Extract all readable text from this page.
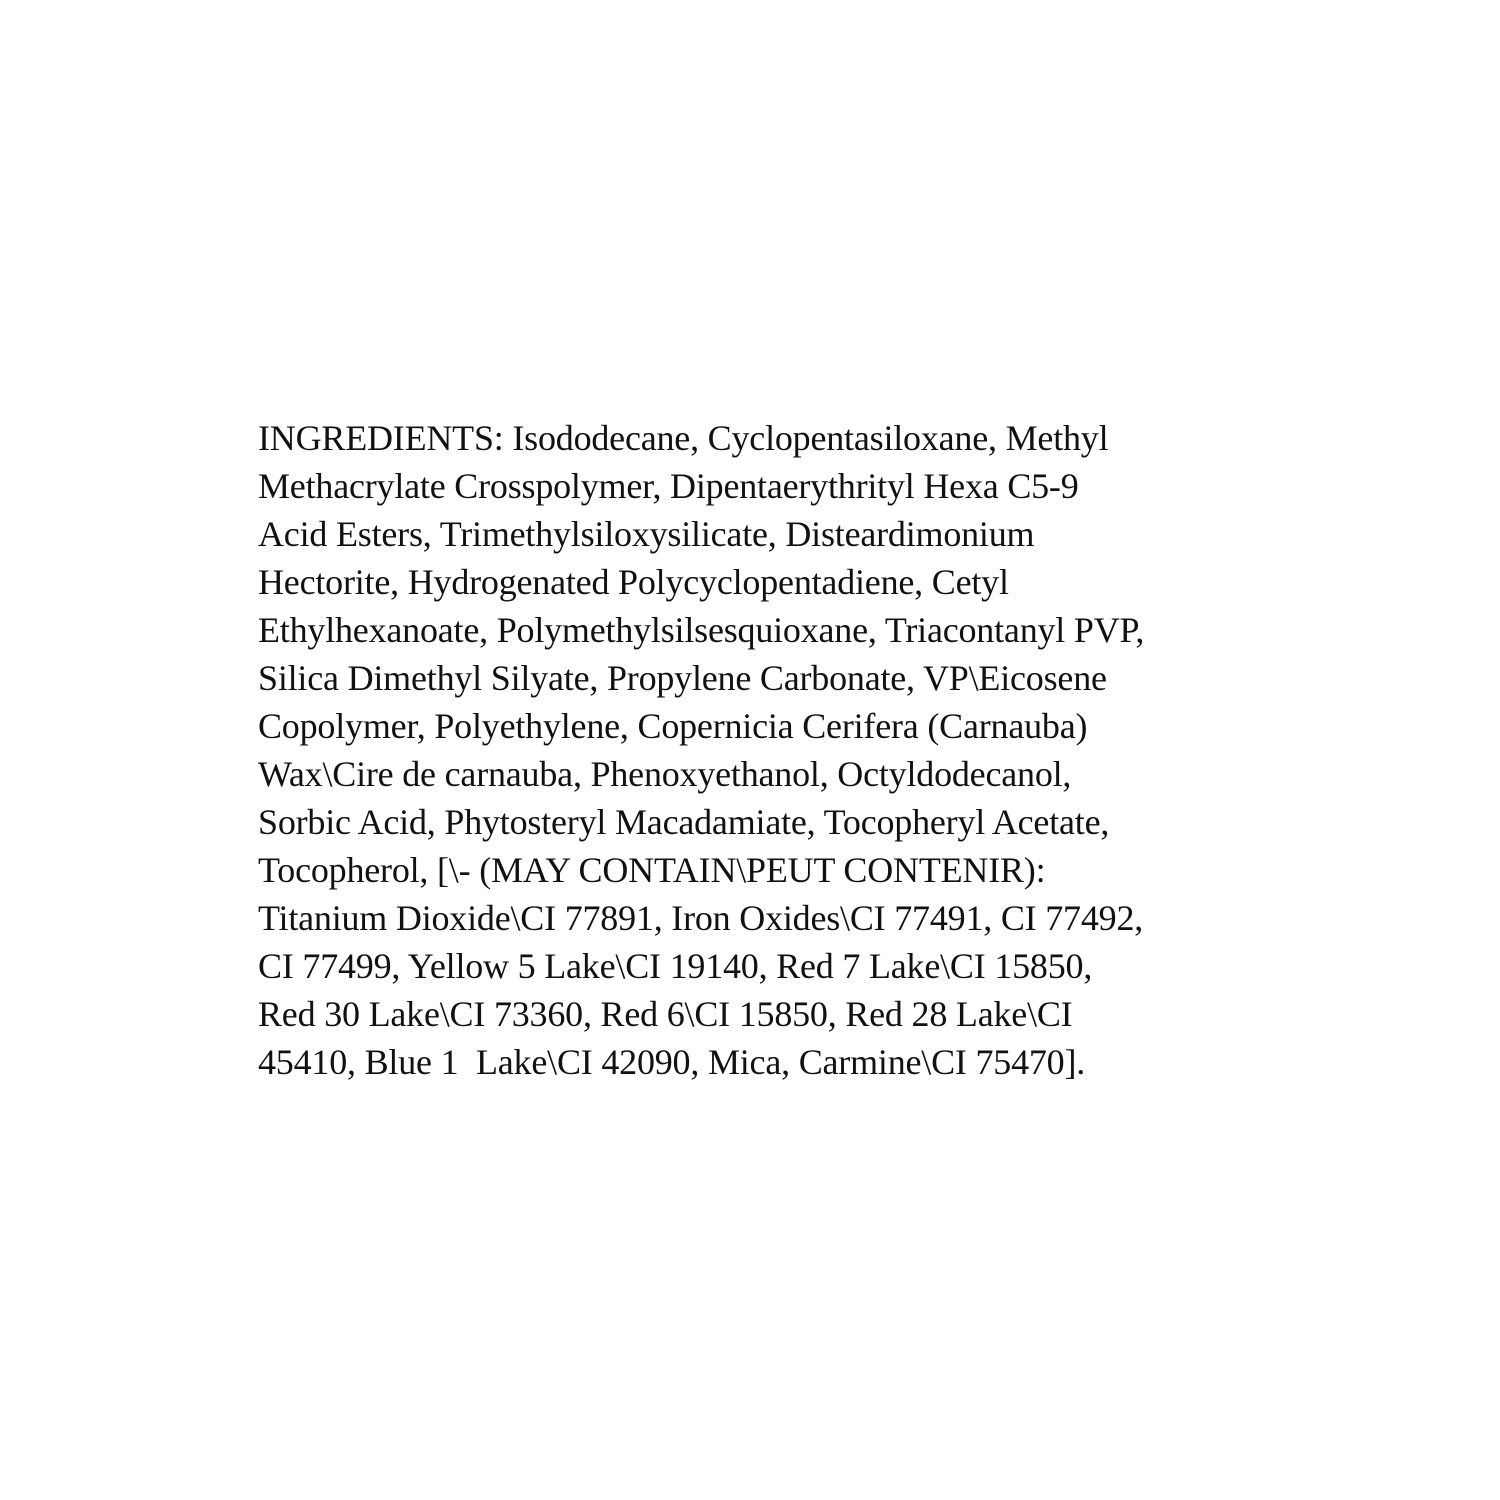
INGREDIENTS: Isododecane, Cyclopentasiloxane, Methyl
Methacrylate Crosspolymer, Dipentaerythrityl Hexa C5-9
Acid Esters, Trimethylsiloxysilicate, Disteardimonium
Hectorite, Hydrogenated Polycyclopentadiene, Cetyl
Ethylhexanoate, Polymethylsilsesquioxane, Triacontanyl PVP,
Silica Dimethyl Silyate, Propylene Carbonate, VP\Eicosene
Copolymer, Polyethylene, Copernicia Cerifera (Carnauba)
Wax\Cire de carnauba, Phenoxyethanol, Octyldodecanol,
Sorbic Acid, Phytosteryl Macadamiate, Tocopheryl Acetate,
Tocopherol, [\- (MAY CONTAIN\PEUT CONTENIR):
Titanium Dioxide\CI 77891, Iron Oxides\CI 77491, CI 77492,
CI 77499, Yellow 5 Lake\CI 19140, Red 7 Lake\CI 15850,
Red 30 Lake\CI 73360, Red 6\CI 15850, Red 28 Lake\CI
45410, Blue 1  Lake\CI 42090, Mica, Carmine\CI 75470].
